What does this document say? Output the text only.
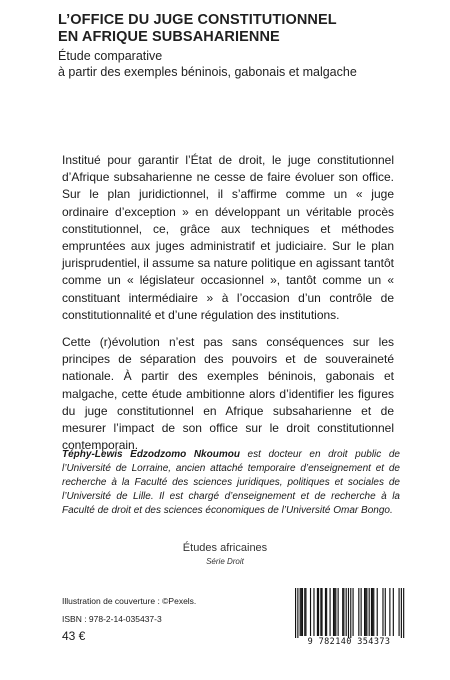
L’OFFICE DU JUGE CONSTITUTIONNEL
EN AFRIQUE SUBSAHARIENNE
Étude comparative
à partir des exemples béninois, gabonais et malgache

Institué pour garantir l’État de droit, le juge constitutionnel d’Afrique subsaharienne ne cesse de faire évoluer son office. Sur le plan juridictionnel, il s’affirme comme un « juge ordinaire d’exception » en développant un véritable procès constitutionnel, ce, grâce aux techniques et méthodes empruntées aux juges administratif et judiciaire. Sur le plan jurisprudentiel, il assume sa nature politique en agissant tantôt comme un « législateur occasionnel », tantôt comme un « constituant intermédiaire » à l’occasion d’un contrôle de constitutionnalité et d’une régulation des institutions.

Cette (r)évolution n’est pas sans conséquences sur les principes de séparation des pouvoirs et de souveraineté nationale. À partir des exemples béninois, gabonais et malgache, cette étude ambitionne alors d’identifier les figures du juge constitutionnel en Afrique subsaharienne et de mesurer l’impact de son office sur le droit constitutionnel contemporain.

Téphy-Lewis Edzodzomo Nkoumou est docteur en droit public de l’Université de Lorraine, ancien attaché temporaire d’enseignement et de recherche à la Faculté des sciences juridiques, politiques et sociales de l’Université de Lille. Il est chargé d’enseignement et de recherche à la Faculté de droit et des sciences économiques de l’Université Omar Bongo.
Études africaines
Série Droit
Illustration de couverture : ©Pexels.
ISBN : 978-2-14-035437-3
43 €	9 782140 354373
